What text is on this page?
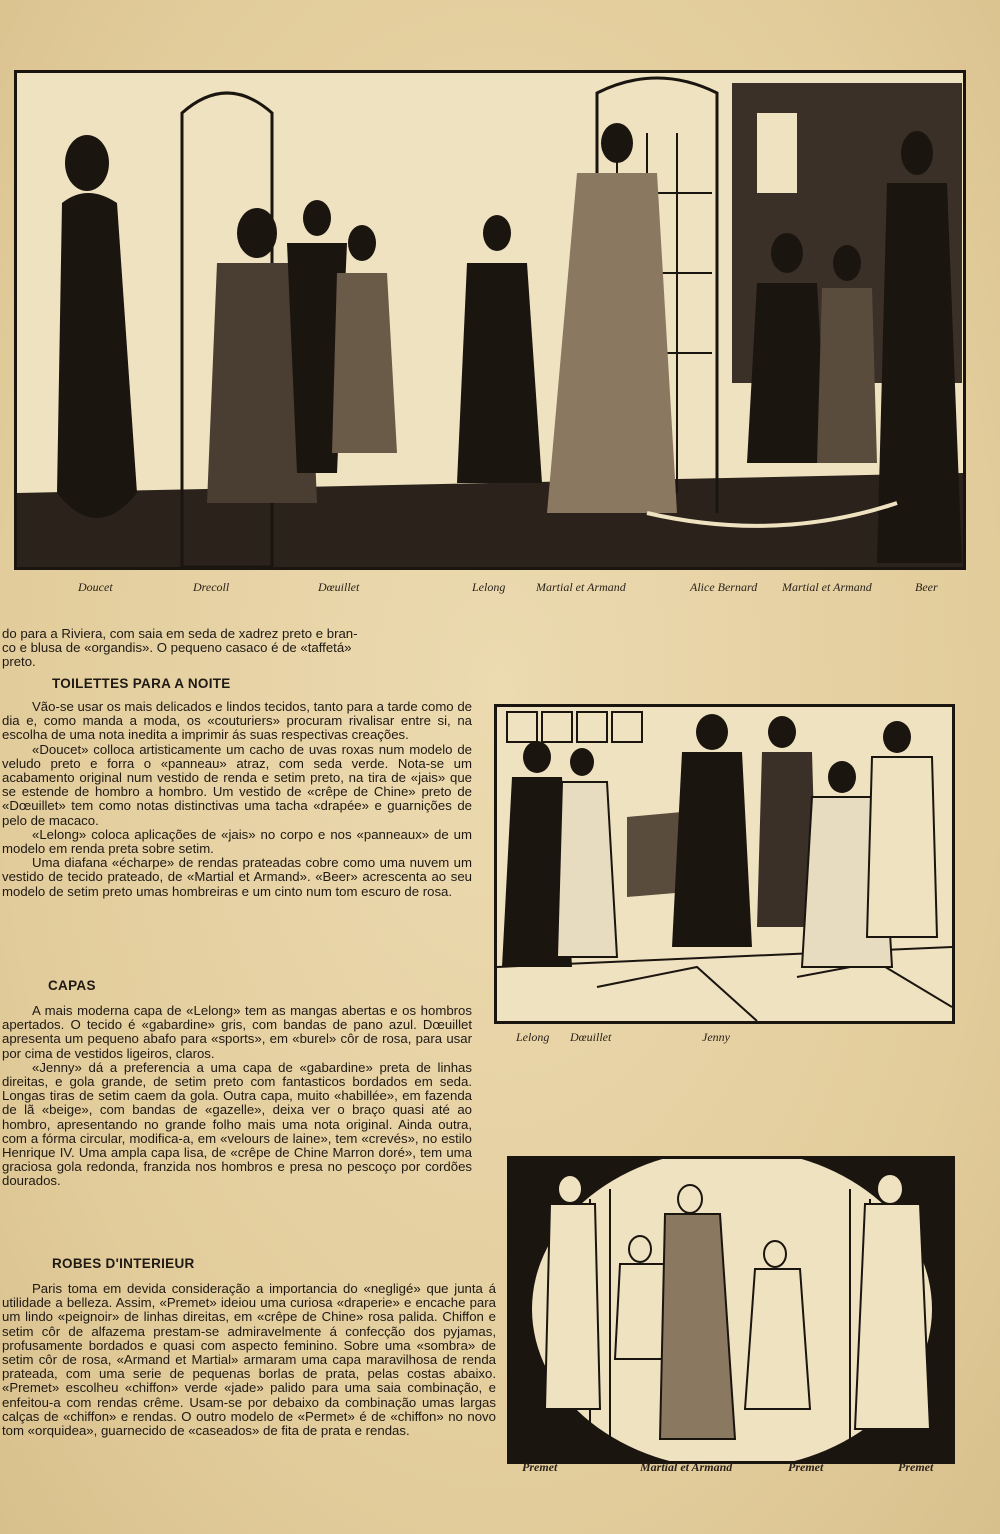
Doucet	Drecoll	Dœuillet	Lelong	Martial et Armand	Alice Bernard Martial et Armand	Beer
Lelong Dœuillet	Jenny
Premet	Martial et Armand	Premet	Premet

do para a Riviera, com saia em seda de xadrez preto e bran-

co e blusa de «organdis». O pequeno casaco é de «taffetá»

preto.

TOILETTES PARA A NOITE

Vão-se usar os mais delicados e lindos tecidos, tanto para a tarde como de dia e, como manda a moda, os «couturiers» procuram rivalisar entre si, na escolha de uma nota inedita a imprimir ás suas respectivas creações.

«Doucet» colloca artisticamente um cacho de uvas roxas num modelo de veludo preto e forra o «panneau» atraz, com seda verde. Nota-se um acabamento original num vestido de renda e setim preto, na tira de «jais» que se estende de hombro a hombro. Um vestido de «crêpe de Chine» preto de «Dœuillet» tem como notas distinctivas uma tacha «drapée» e guarnições de pelo de macaco.

«Lelong» coloca aplicações de «jais» no corpo e nos «panneaux» de um modelo em renda preta sobre setim.

Uma diafana «écharpe» de rendas prateadas cobre como uma nuvem um vestido de tecido prateado, de «Martial et Armand». «Beer» acrescenta ao seu modelo de setim preto umas hombreiras e um cinto num tom escuro de rosa.

CAPAS

A mais moderna capa de «Lelong» tem as mangas abertas e os hombros apertados. O tecido é «gabardine» gris, com bandas de pano azul. Dœuillet apresenta um pequeno abafo para «sports», em «burel» côr de rosa, para usar por cima de vestidos ligeiros, claros.

«Jenny» dá a preferencia a uma capa de «gabardine» preta de linhas direitas, e gola grande, de setim preto com fantasticos bordados em seda. Longas tiras de setim caem da gola. Outra capa, muito «habillée», em fazenda de lã «beige», com bandas de «gazelle», deixa ver o braço quasi até ao hombro, apresentando no grande folho mais uma nota original. Ainda outra, com a fórma circular, modifica-a, em «velours de laine», tem «crevés», no estilo Henrique IV. Uma ampla capa lisa, de «crêpe de Chine Marron doré», tem uma graciosa gola redonda, franzida nos hombros e presa no pescoço por cordões dourados.

ROBES D'INTERIEUR

Paris toma em devida consideração a importancia do «negligé» que junta á utilidade a belleza. Assim, «Premet» ideiou uma curiosa «draperie» e encache para um lindo «peignoir» de linhas direitas, em «crêpe de Chine» rosa palida. Chiffon e setim côr de alfazema prestam-se admiravelmente á confecção dos pyjamas, profusamente bordados e quasi com aspecto feminino. Sobre uma «sombra» de setim côr de rosa, «Armand et Martial» armaram uma capa maravilhosa de renda prateada, com uma serie de pequenas borlas de prata, pelas costas abaixo. «Premet» escolheu «chiffon» verde «jade» palido para uma saia combinação, e enfeitou-a com rendas crême. Usam-se por debaixo da combinação umas largas calças de «chiffon» e rendas. O outro modelo de «Permet» é de «chiffon» no novo tom «orquidea», guarnecido de «caseados» de fita de prata e rendas.
